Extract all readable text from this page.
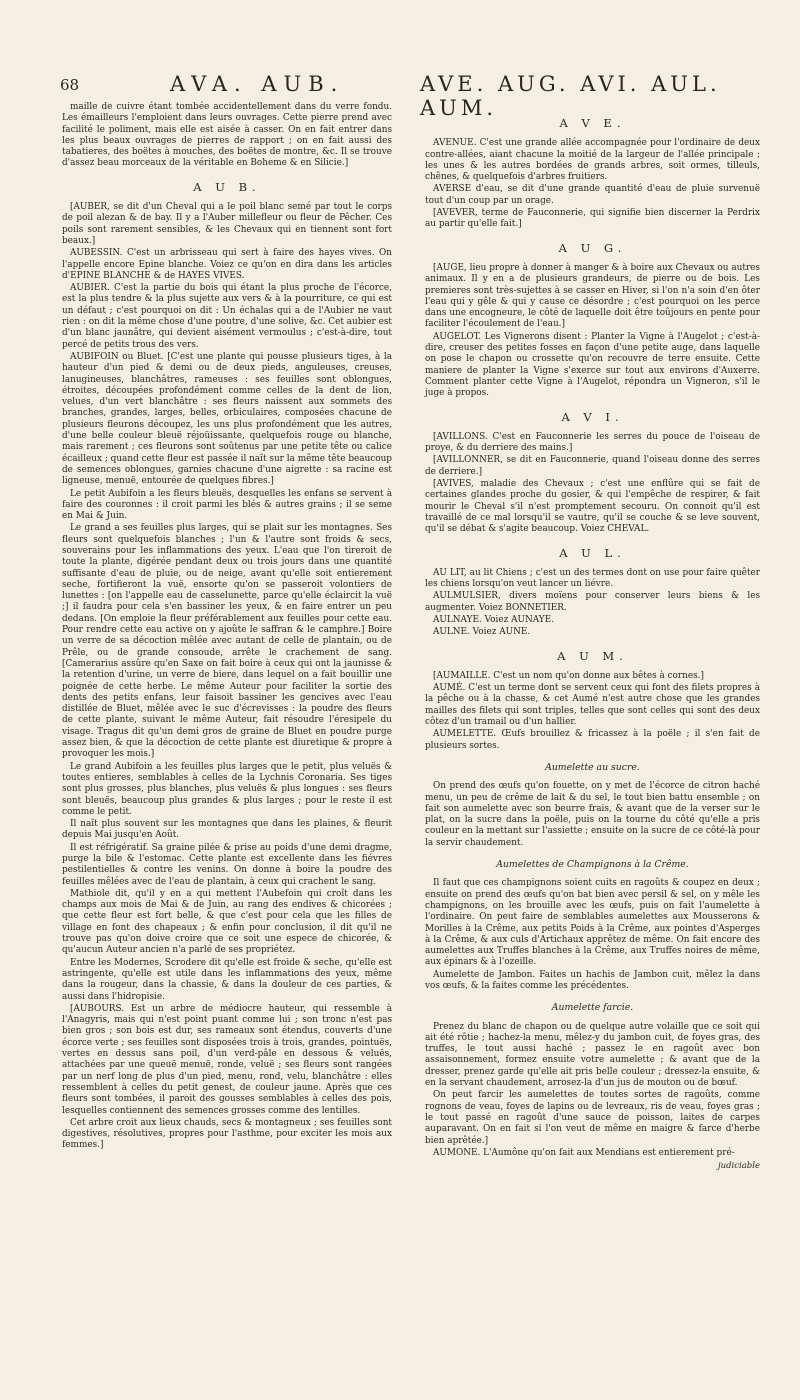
68	AVA. AUB.	AVE. AUG. AVI. AUL. AUM.

maille de cuivre étant tombée accidentellement dans du verre fondu. Les émailleurs l'emploient dans leurs ouvrages. Cette pierre prend avec facilité le poliment, mais elle est aisée à casser. On en fait entrer dans les plus beaux ouvrages de pierres de rapport ; on en fait aussi des tabatieres, des boëtes à mouches, des boëtes de montre, &c. Il se trouve d'assez beau morceaux de la véritable en Boheme & en Silicie.]

A U B.

[AUBER, se dit d'un Cheval qui a le poil blanc semé par tout le corps de poil alezan & de bay. Il y a l'Auber millefleur ou fleur de Pêcher. Ces poils sont rarement sensibles, & les Chevaux qui en tiennent sont fort beaux.]

AUBESSIN. C'est un arbrisseau qui sert à faire des hayes vives. On l'appelle encore Epine blanche. Voiez ce qu'on en dira dans les articles d'EPINE BLANCHE & de HAYES VIVES.

AUBIER. C'est la partie du bois qui étant la plus proche de l'écorce, est la plus tendre & la plus sujette aux vers & à la pourriture, ce qui est un défaut ; c'est pourquoi on dit : Un échalas qui a de l'Aubier ne vaut rien : on dit la même chose d'une poutre, d'une solive, &c. Cet aubier est d'un blanc jaunâtre, qui devient aisément vermoulus ; c'est-à-dire, tout percé de petits trous des vers.

AUBIFOIN ou Bluet. [C'est une plante qui pousse plusieurs tiges, à la hauteur d'un pied & demi ou de deux pieds, anguleuses, creuses, lanugineuses, blanchâtres, rameuses : ses feuilles sont oblongues, étroites, découpées profondément comme celles de la dent de lion, velues, d'un vert blanchâtre : ses fleurs naissent aux sommets des branches, grandes, larges, belles, orbiculaires, composées chacune de plusieurs fleurons découpez, les uns plus profondément que les autres, d'une belle couleur bleuë réjoüissante, quelquefois rouge ou blanche, mais rarement ; ces fleurons sont soûtenus par une petite tête ou calice écailleux ; quand cette fleur est passée il naît sur la même tête beaucoup de semences oblongues, garnies chacune d'une aigrette : sa racine est ligneuse, menuë, entourée de quelques fibres.]

Le petit Aubifoin a les fleurs bleuës, desquelles les enfans se servent à faire des couronnes : il croit parmi les blés & autres grains ; il se seme en Mai & Juin.

Le grand a ses feuilles plus larges, qui se plait sur les montagnes. Ses fleurs sont quelquefois blanches ; l'un & l'autre sont froids & secs, souverains pour les inflammations des yeux. L'eau que l'on tireroit de toute la plante, digérée pendant deux ou trois jours dans une quantité suffisante d'eau de pluie, ou de neige, avant qu'elle soit entierement seche, fortifieront la vuë, ensorte qu'on se passeroit volontiers de lunettes : [on l'appelle eau de casselunette, parce qu'elle éclaircit la vuë ;] il faudra pour cela s'en bassiner les yeux, & en faire entrer un peu dedans. [On emploie la fleur préférablement aux feuilles pour cette eau. Pour rendre cette eau active on y ajoûte le saffran & le camphre.] Boire un verre de sa décoction mêlée avec autant de celle de plantain, ou de Prêle, ou de grande consoude, arrête le crachement de sang. [Camerarius assûre qu'en Saxe on fait boire à ceux qui ont la jaunisse & la retention d'urine, un verre de biere, dans lequel on a fait bouillir une poignée de cette herbe. Le même Auteur pour faciliter la sortie des dents des petits enfans, leur faisoit bassiner les gencives avec l'eau distillée de Bluet, mêlée avec le suc d'écrevisses : la poudre des fleurs de cette plante, suivant le même Auteur, fait résoudre l'éresipele du visage. Tragus dit qu'un demi gros de graine de Bluet en poudre purge assez bien, & que la décoction de cette plante est diuretique & propre à provoquer les mois.]

Le grand Aubifoin a les feuilles plus larges que le petit, plus veluës & toutes entieres, semblables à celles de la Lychnis Coronaria. Ses tiges sont plus grosses, plus blanches, plus veluës & plus longues : ses fleurs sont bleuës, beaucoup plus grandes & plus larges ; pour le reste il est comme le petit.

Il naît plus souvent sur les montagnes que dans les plaines, & fleurit depuis Mai jusqu'en Août.

Il est réfrigératif. Sa graine pilée & prise au poids d'une demi dragme, purge la bile & l'estomac. Cette plante est excellente dans les fiévres pestilentielles & contre les venins. On donne à boire la poudre des feuilles mêlées avec de l'eau de plantain, à ceux qui crachent le sang.

Mathiole dit, qu'il y en a qui mettent l'Aubefoin qui croît dans les champs aux mois de Mai & de Juin, au rang des endives & chicorées ; que cette fleur est fort belle, & que c'est pour cela que les filles de village en font des chapeaux ; & enfin pour conclusion, il dit qu'il ne trouve pas qu'on doive croire que ce soit une espece de chicorée, & qu'aucun Auteur ancien n'a parlé de ses propriétez.

Entre les Modernes, Scrodere dit qu'elle est froide & seche, qu'elle est astringente, qu'elle est utile dans les inflammations des yeux, même dans la rougeur, dans la chassie, & dans la douleur de ces parties, & aussi dans l'hidropisie.

[AUBOURS. Est un arbre de médiocre hauteur, qui ressemble à l'Anagyris, mais qui n'est point puant comme lui ; son tronc n'est pas bien gros ; son bois est dur, ses rameaux sont étendus, couverts d'une écorce verte ; ses feuilles sont disposées trois à trois, grandes, pointuës, vertes en dessus sans poil, d'un verd-pâle en dessous & veluës, attachées par une queuë menuë, ronde, veluë ; ses fleurs sont rangées par un nerf long de plus d'un pied, menu, rond, velu, blanchâtre : elles ressemblent à celles du petit genest, de couleur jaune. Après que ces fleurs sont tombées, il paroit des gousses semblables à celles des pois, lesquelles contiennent des semences grosses comme des lentilles.

Cet arbre croit aux lieux chauds, secs & montagneux ; ses feuilles sont digestives, résolutives, propres pour l'asthme, pour exciter les mois aux femmes.]

A V E.

AVENUE. C'est une grande allée accompagnée pour l'ordinaire de deux contre-allées, aiant chacune la moitié de la largeur de l'allée principale ; les unes & les autres bordées de grands arbres, soit ormes, tilleuls, chênes, & quelquefois d'arbres fruitiers.

AVERSE d'eau, se dit d'une grande quantité d'eau de pluie survenuë tout d'un coup par un orage.

[AVEVER, terme de Fauconnerie, qui signifie bien discerner la Perdrix au partir qu'elle fait.]

A U G.

[AUGE, lieu propre à donner à manger & à boire aux Chevaux ou autres animaux. Il y en a de plusieurs grandeurs, de pierre ou de bois. Les premieres sont très-sujettes à se casser en Hiver, si l'on n'a soin d'en ôter l'eau qui y gêle & qui y cause ce désordre ; c'est pourquoi on les perce dans une encogneure, le côté de laquelle doit être toûjours en pente pour faciliter l'écoulement de l'eau.]

AUGELOT. Les Vignerons disent : Planter la Vigne à l'Augelot ; c'est-à-dire, creuser des petites fosses en façon d'une petite auge, dans laquelle on pose le chapon ou crossette qu'on recouvre de terre ensuite. Cette maniere de planter la Vigne s'exerce sur tout aux environs d'Auxerre. Comment planter cette Vigne à l'Augelot, répondra un Vigneron, s'il le juge à propos.

A V I.

[AVILLONS. C'est en Fauconnerie les serres du pouce de l'oiseau de proye, & du derriere des mains.]

[AVILLONNER, se dit en Fauconnerie, quand l'oiseau donne des serres de derriere.]

[AVIVES, maladie des Chevaux ; c'est une enflûre qui se fait de certaines glandes proche du gosier, & qui l'empêche de respirer, & fait mourir le Cheval s'il n'est promptement secouru. On connoit qu'il est travaillé de ce mal lorsqu'il se vautre, qu'il se couche & se leve souvent, qu'il se débat & s'agite beaucoup. Voiez CHEVAL.

A U L.

AU LIT, au lit Chiens ; c'est un des termes dont on use pour faire quêter les chiens lorsqu'on veut lancer un liévre.

AULMULSIER, divers moïens pour conserver leurs biens & les augmenter. Voiez BONNETIER.

AULNAYE. Voiez AUNAYE.

AULNE. Voiez AUNE.

A U M.

[AUMAILLE. C'est un nom qu'on donne aux bêtes à cornes.]

AUMÉ. C'est un terme dont se servent ceux qui font des filets propres à la pêche ou à la chasse, & cet Aumé n'est autre chose que les grandes mailles des filets qui sont triples, telles que sont celles qui sont des deux côtez d'un tramail ou d'un hallier.

AUMELETTE. Œufs brouillez & fricassez à la poële ; il s'en fait de plusieurs sortes.

Aumelette au sucre.

On prend des œufs qu'on fouette, on y met de l'écorce de citron haché menu, un peu de crême de lait & du sel, le tout bien battu ensemble ; on fait son aumelette avec son beurre frais, & avant que de la verser sur le plat, on la sucre dans la poële, puis on la tourne du côté qu'elle a pris couleur en la mettant sur l'assiette ; ensuite on la sucre de ce côté-là pour la servir chaudement.

Aumelettes de Champignons à la Crême.

Il faut que ces champignons soient cuits en ragoûts & coupez en deux ; ensuite on prend des œufs qu'on bat bien avec persil & sel, on y mêle les champignons, on les brouille avec les œufs, puis on fait l'aumelette à l'ordinaire. On peut faire de semblables aumelettes aux Mousserons & Morilles à la Crême, aux petits Poids à la Crême, aux pointes d'Asperges à la Crême, & aux culs d'Artichaux apprêtez de même. On fait encore des aumelettes aux Truffes blanches à la Crême, aux Truffes noires de même, aux épinars & à l'ozeille.

Aumelette de Jambon. Faites un hachis de Jambon cuit, mêlez la dans vos œufs, & la faites comme les précédentes.

Aumelette farcie.

Prenez du blanc de chapon ou de quelque autre volaille que ce soit qui ait été rôtie ; hachez-la menu, mêlez-y du jambon cuit, de foyes gras, des truffes, le tout aussi haché ; passez le en ragoût avec bon assaisonnement, formez ensuite votre aumelette ; & avant que de la dresser, prenez garde qu'elle ait pris belle couleur ; dressez-la ensuite, & en la servant chaudement, arrosez-la d'un jus de mouton ou de bœuf.

On peut farcir les aumelettes de toutes sortes de ragoûts, comme rognons de veau, foyes de lapins ou de levreaux, ris de veau, foyes gras ; le tout passé en ragoût d'une sauce de poisson, laites de carpes auparavant. On en fait si l'on veut de même en maigre & farce d'herbe bien aprêtée.]

AUMONE. L'Aumône qu'on fait aux Mendians est entierement pré-

judiciable
